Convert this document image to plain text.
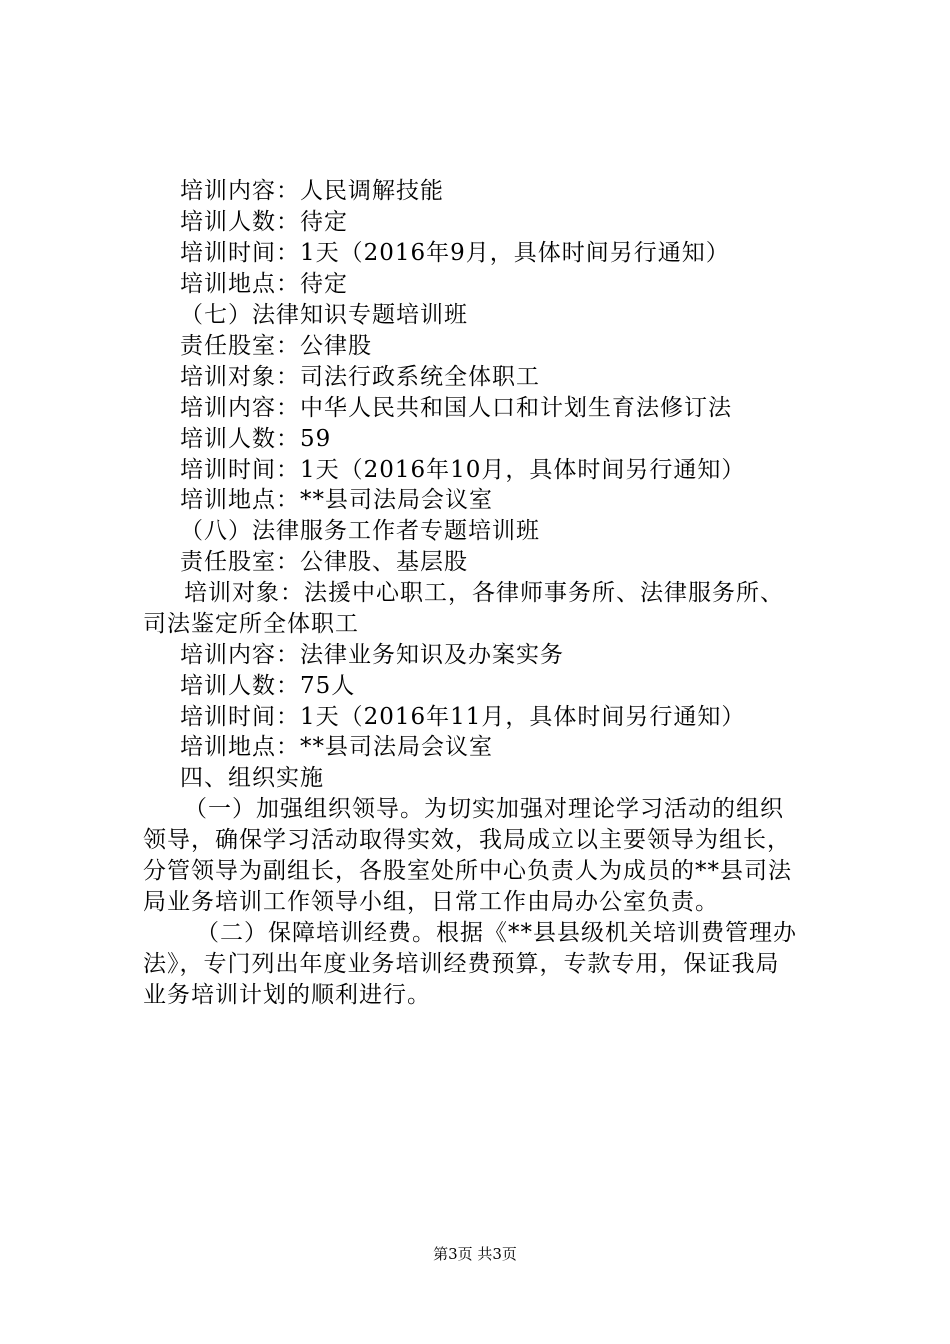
培训内容：人民调解技能
培训人数：待定
培训时间：1天（2016年9月，具体时间另行通知）
培训地点：待定
（七）法律知识专题培训班
责任股室：公律股
培训对象：司法行政系统全体职工
培训内容：中华人民共和国人口和计划生育法修订法
培训人数：59
培训时间：1天（2016年10月，具体时间另行通知）
培训地点：**县司法局会议室
（八）法律服务工作者专题培训班
责任股室：公律股、基层股
培训对象：法援中心职工，各律师事务所、法律服务所、
司法鉴定所全体职工
培训内容：法律业务知识及办案实务
培训人数：75人
培训时间：1天（2016年11月，具体时间另行通知）
培训地点：**县司法局会议室
四、组织实施
（一）加强组织领导。为切实加强对理论学习活动的组织
领导，确保学习活动取得实效，我局成立以主要领导为组长，
分管领导为副组长，各股室处所中心负责人为成员的**县司法
局业务培训工作领导小组，日常工作由局办公室负责。
（二）保障培训经费。根据《**县县级机关培训费管理办
法》，专门列出年度业务培训经费预算，专款专用，保证我局
业务培训计划的顺利进行。
第3页 共3页
